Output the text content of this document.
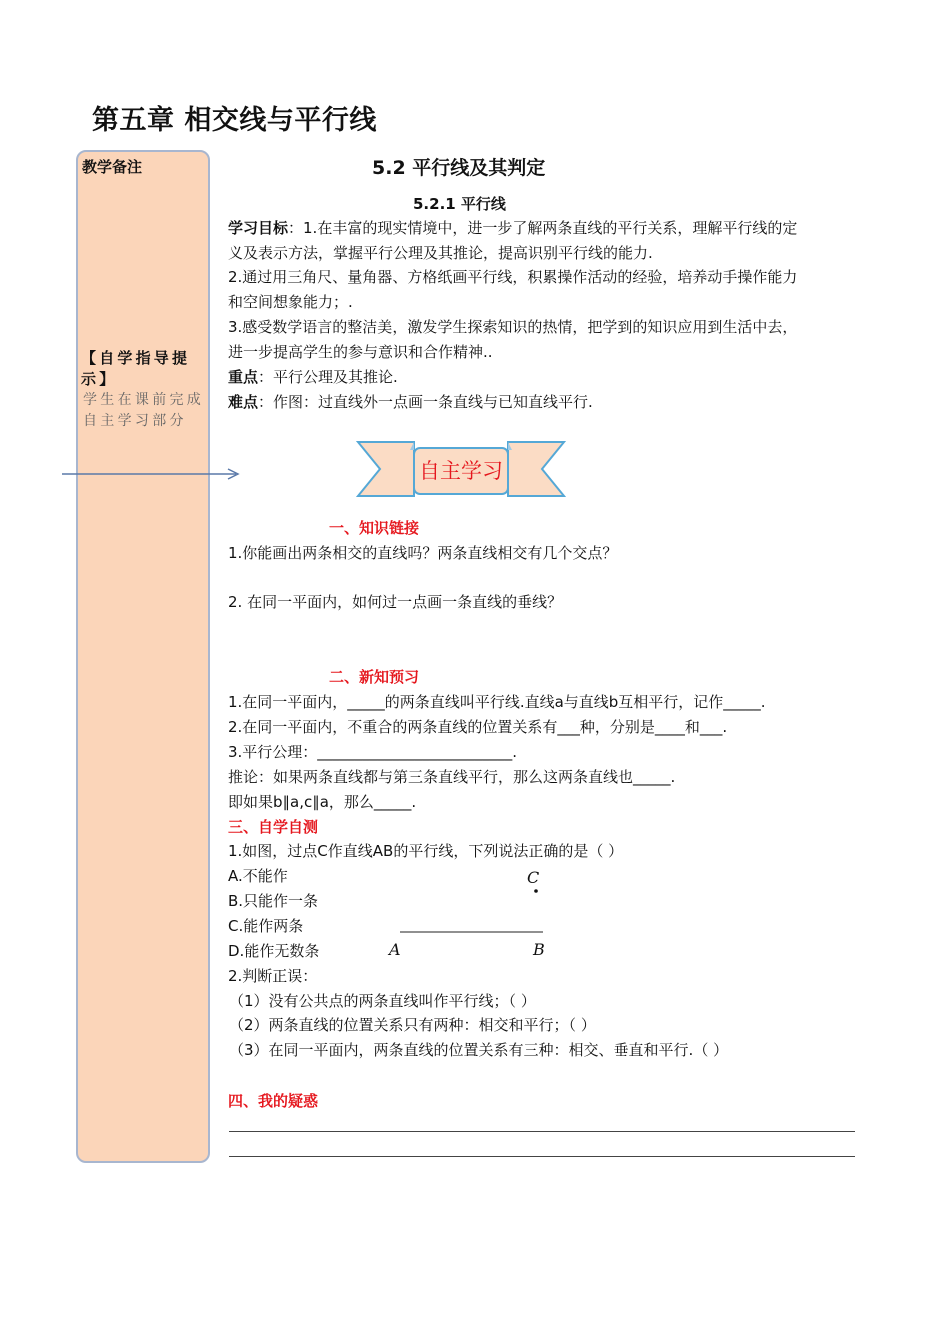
第五章 相交线与平行线
教学备注
【自学指导提示】
学生在课前完成自主学习部分
5.2 平行线及其判定
5.2.1 平行线
学习目标：1.在丰富的现实情境中，进一步了解两条直线的平行关系，理解平行线的定
义及表示方法，掌握平行公理及其推论，提高识别平行线的能力.
2.通过用三角尺、量角器、方格纸画平行线，积累操作活动的经验，培养动手操作能力
和空间想象能力；.
3.感受数学语言的整洁美，激发学生探索知识的热情，把学到的知识应用到生活中去，
进一步提高学生的参与意识和合作精神..
重点：平行公理及其推论.
难点：作图：过直线外一点画一条直线与已知直线平行.
自主学习
一、知识链接
1.你能画出两条相交的直线吗？两条直线相交有几个交点？
2. 在同一平面内，如何过一点画一条直线的垂线？
二、新知预习
1.在同一平面内，_____的两条直线叫平行线.直线a与直线b互相平行，记作_____.
2.在同一平面内，不重合的两条直线的位置关系有___种，分别是____和___.
3.平行公理：__________________________.
推论：如果两条直线都与第三条直线平行，那么这两条直线也_____.
即如果b∥a,c∥a，那么_____.
三、自学自测
1.如图，过点C作直线AB的平行线，下列说法正确的是（ ）
A.不能作
B.只能作一条
C.能作两条
D.能作无数条
C
A	B
2.判断正误：
（1）没有公共点的两条直线叫作平行线；（ ）
（2）两条直线的位置关系只有两种：相交和平行；（ ）
（3）在同一平面内，两条直线的位置关系有三种：相交、垂直和平行.（ ）
四、我的疑惑
